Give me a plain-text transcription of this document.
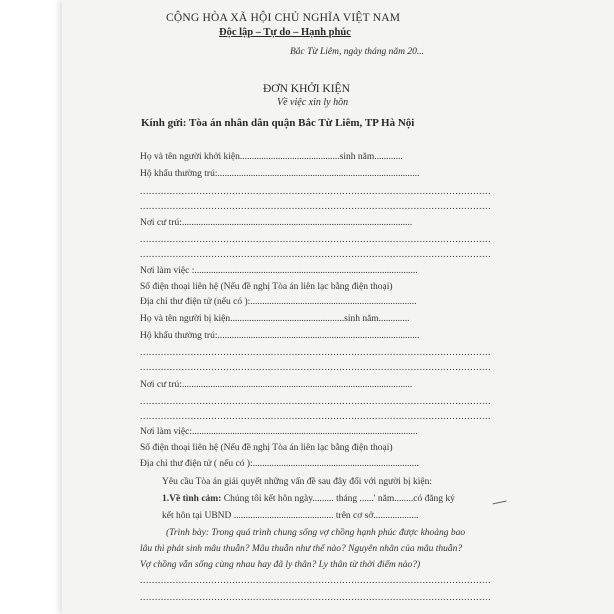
CỘNG HÒA XÃ HỘI CHỦ NGHĨA VIỆT NAM
Độc lập – Tự do – Hạnh phúc
Bắc Từ Liêm, ngày tháng năm 20...
ĐƠN KHỞI KIỆN
Về việc xin ly hôn
Kính gửi: Tòa án nhân dân quận Bắc Từ Liêm, TP Hà Nội
Họ và tên người khởi kiện..........................................sinh năm............
Hộ khẩu thường trú:.....................................................................................
.....
.....
Nơi cư trú:.................................................................................................
.....
.....
Nơi làm việc :..............................................................................................
Số điện thoại liên hệ (Nếu đề nghị Tòa án liên lạc bằng điện thoại)
Địa chỉ thư điện tử (nếu có ):......................................................................
Họ và tên người bị kiện................................................sinh năm.............
Hộ khẩu thường trú:.....................................................................................
.....
.....
Nơi cư trú:.................................................................................................
.....
.....
Nơi làm việc:...............................................................................................
Số điện thoại liên hệ (Nếu đề nghị Tòa án liên lạc bằng điện thoại)
Địa chỉ thư điện tử ( nếu có ):......................................................................
Yêu cầu Tòa án giải quyết những vấn đề sau đây đối với người bị kiện:
1.Về tình cảm: Chúng tôi kết hôn ngày......... tháng ......' năm........có đăng ký
kết hôn tại UBND .......................................... trên cơ sở...................
(Trình bày: Trong quá trình chung sống vợ chồng hạnh phúc được khoảng bao
lâu thì phát sinh mâu thuẫn? Mâu thuẫn như thế nào? Nguyên nhân của mâu thuẫn?
Vợ chồng vẫn sống cùng nhau hay đã ly thân? Ly thân từ thời điểm nào?)
.....
.....
